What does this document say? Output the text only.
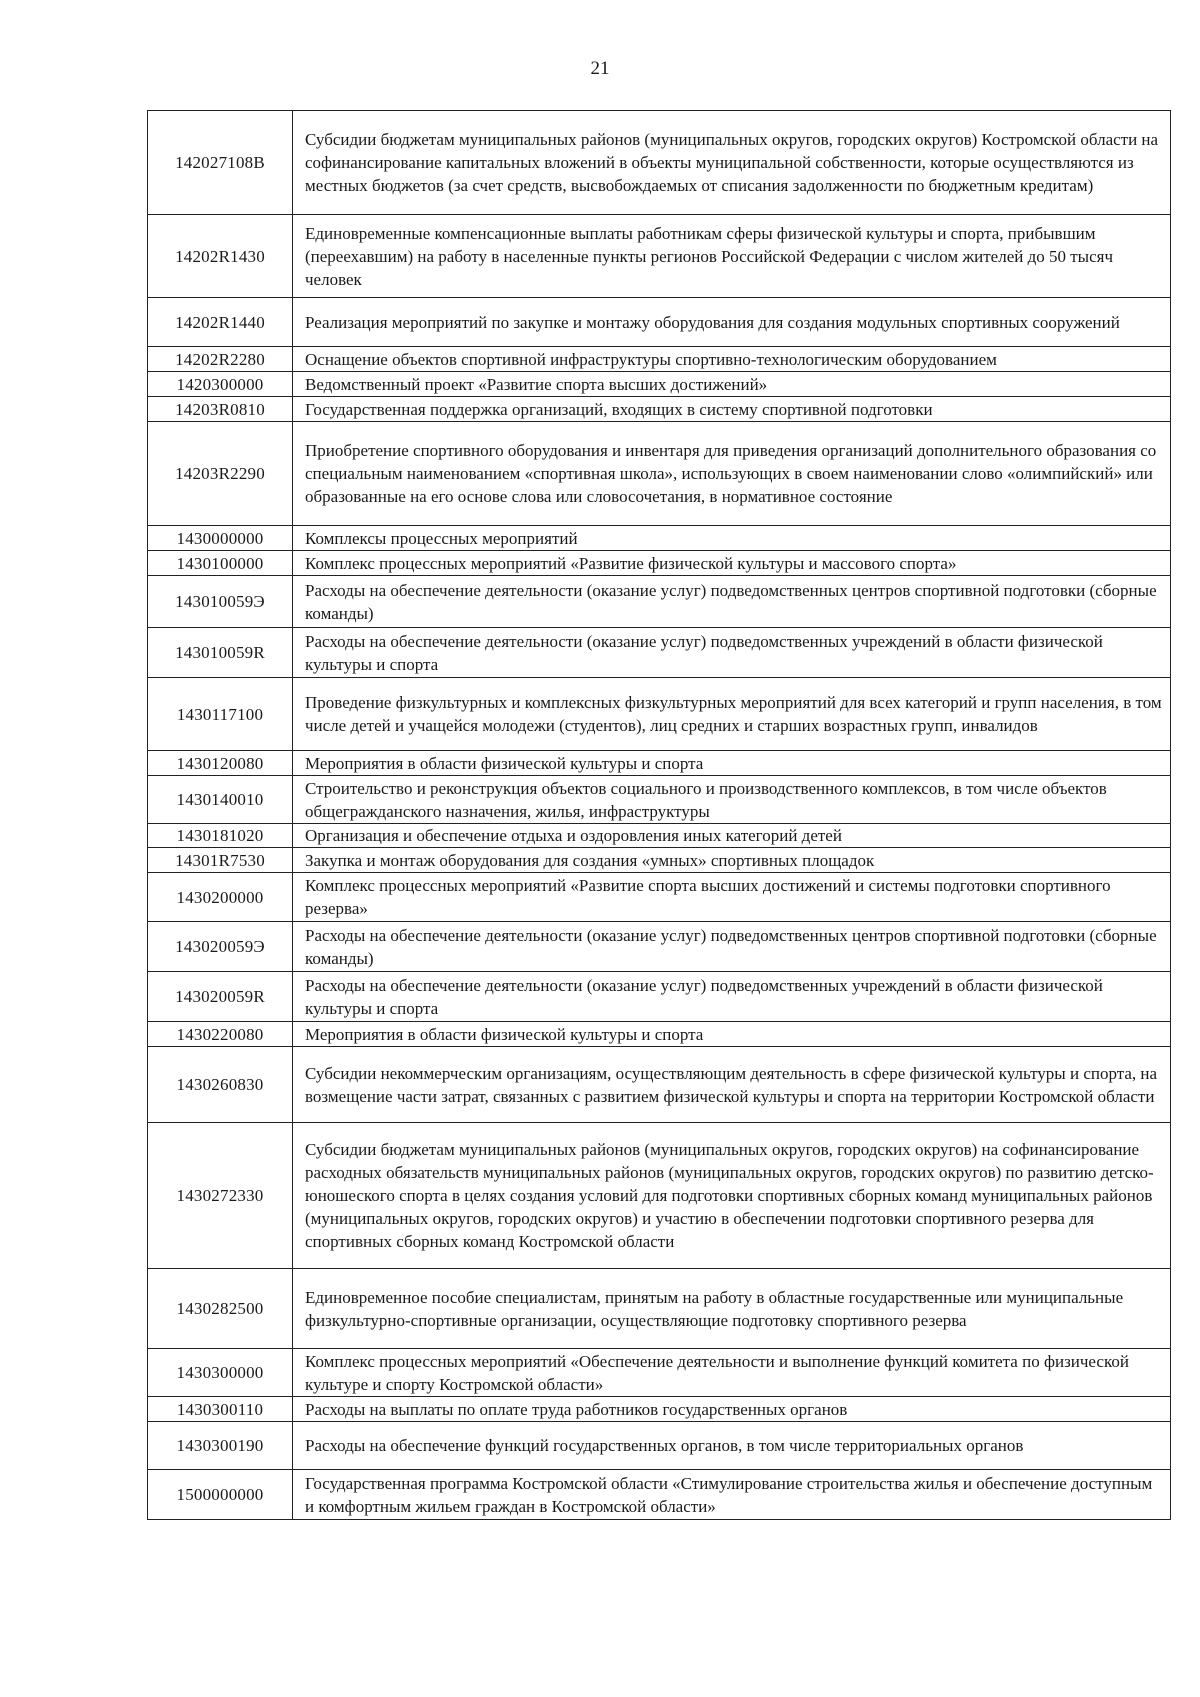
21
142027108В	Субсидии бюджетам муниципальных районов (муниципальных округов, городских округов) Костромской области на софинансирование капитальных вложений в объекты муниципальной собственности, которые осуществляются из местных бюджетов (за счет средств, высвобождаемых от списания задолженности по бюджетным кредитам)
14202R1430	Единовременные компенсационные выплаты работникам сферы физической культуры и спорта, прибывшим (переехавшим) на работу в населенные пункты регионов Российской Федерации с числом жителей до 50 тысяч человек
14202R1440	Реализация мероприятий по закупке и монтажу оборудования для создания модульных спортивных сооружений
14202R2280	Оснащение объектов спортивной инфраструктуры спортивно-технологическим оборудованием
1420300000	Ведомственный проект «Развитие спорта высших достижений»
14203R0810	Государственная поддержка организаций, входящих в систему спортивной подготовки
14203R2290	Приобретение спортивного оборудования и инвентаря для приведения организаций дополнительного образования со специальным наименованием «спортивная школа», использующих в своем наименовании слово «олимпийский» или образованные на его основе слова или словосочетания, в нормативное состояние
1430000000	Комплексы процессных мероприятий
1430100000	Комплекс процессных мероприятий «Развитие физической культуры и массового спорта»
143010059Э	Расходы на обеспечение деятельности (оказание услуг) подведомственных центров спортивной подготовки (сборные команды)
143010059R	Расходы на обеспечение деятельности (оказание услуг) подведомственных учреждений в области физической культуры и спорта
1430117100	Проведение физкультурных и комплексных физкультурных мероприятий для всех категорий и групп населения, в том числе детей и учащейся молодежи (студентов), лиц средних и старших возрастных групп, инвалидов
1430120080	Мероприятия в области физической культуры и спорта
1430140010	Строительство и реконструкция объектов социального и производственного комплексов, в том числе объектов общегражданского назначения, жилья, инфраструктуры
1430181020	Организация и обеспечение отдыха и оздоровления иных категорий детей
14301R7530	Закупка и монтаж оборудования для создания «умных» спортивных площадок
1430200000	Комплекс процессных мероприятий «Развитие спорта высших достижений и системы подготовки спортивного резерва»
143020059Э	Расходы на обеспечение деятельности (оказание услуг) подведомственных центров спортивной подготовки (сборные команды)
143020059R	Расходы на обеспечение деятельности (оказание услуг) подведомственных учреждений в области физической культуры и спорта
1430220080	Мероприятия в области физической культуры и спорта
1430260830	Субсидии некоммерческим организациям, осуществляющим деятельность в сфере физической культуры и спорта, на возмещение части затрат, связанных с развитием физической культуры и спорта на территории Костромской области
1430272330	Субсидии бюджетам муниципальных районов (муниципальных округов, городских округов) на софинансирование расходных обязательств муниципальных районов (муниципальных округов, городских округов) по развитию детско-юношеского спорта в целях создания условий для подготовки спортивных сборных команд муниципальных районов (муниципальных округов, городских округов) и участию в обеспечении подготовки спортивного резерва для спортивных сборных команд Костромской области
1430282500	Единовременное пособие специалистам, принятым на работу в областные государственные или муниципальные физкультурно-спортивные организации, осуществляющие подготовку спортивного резерва
1430300000	Комплекс процессных мероприятий «Обеспечение деятельности и выполнение функций комитета по физической культуре и спорту Костромской области»
1430300110	Расходы на выплаты по оплате труда работников государственных органов
1430300190	Расходы на обеспечение функций государственных органов, в том числе территориальных органов
1500000000	Государственная программа Костромской области «Стимулирование строительства жилья и обеспечение доступным и комфортным жильем граждан в Костромской области»
